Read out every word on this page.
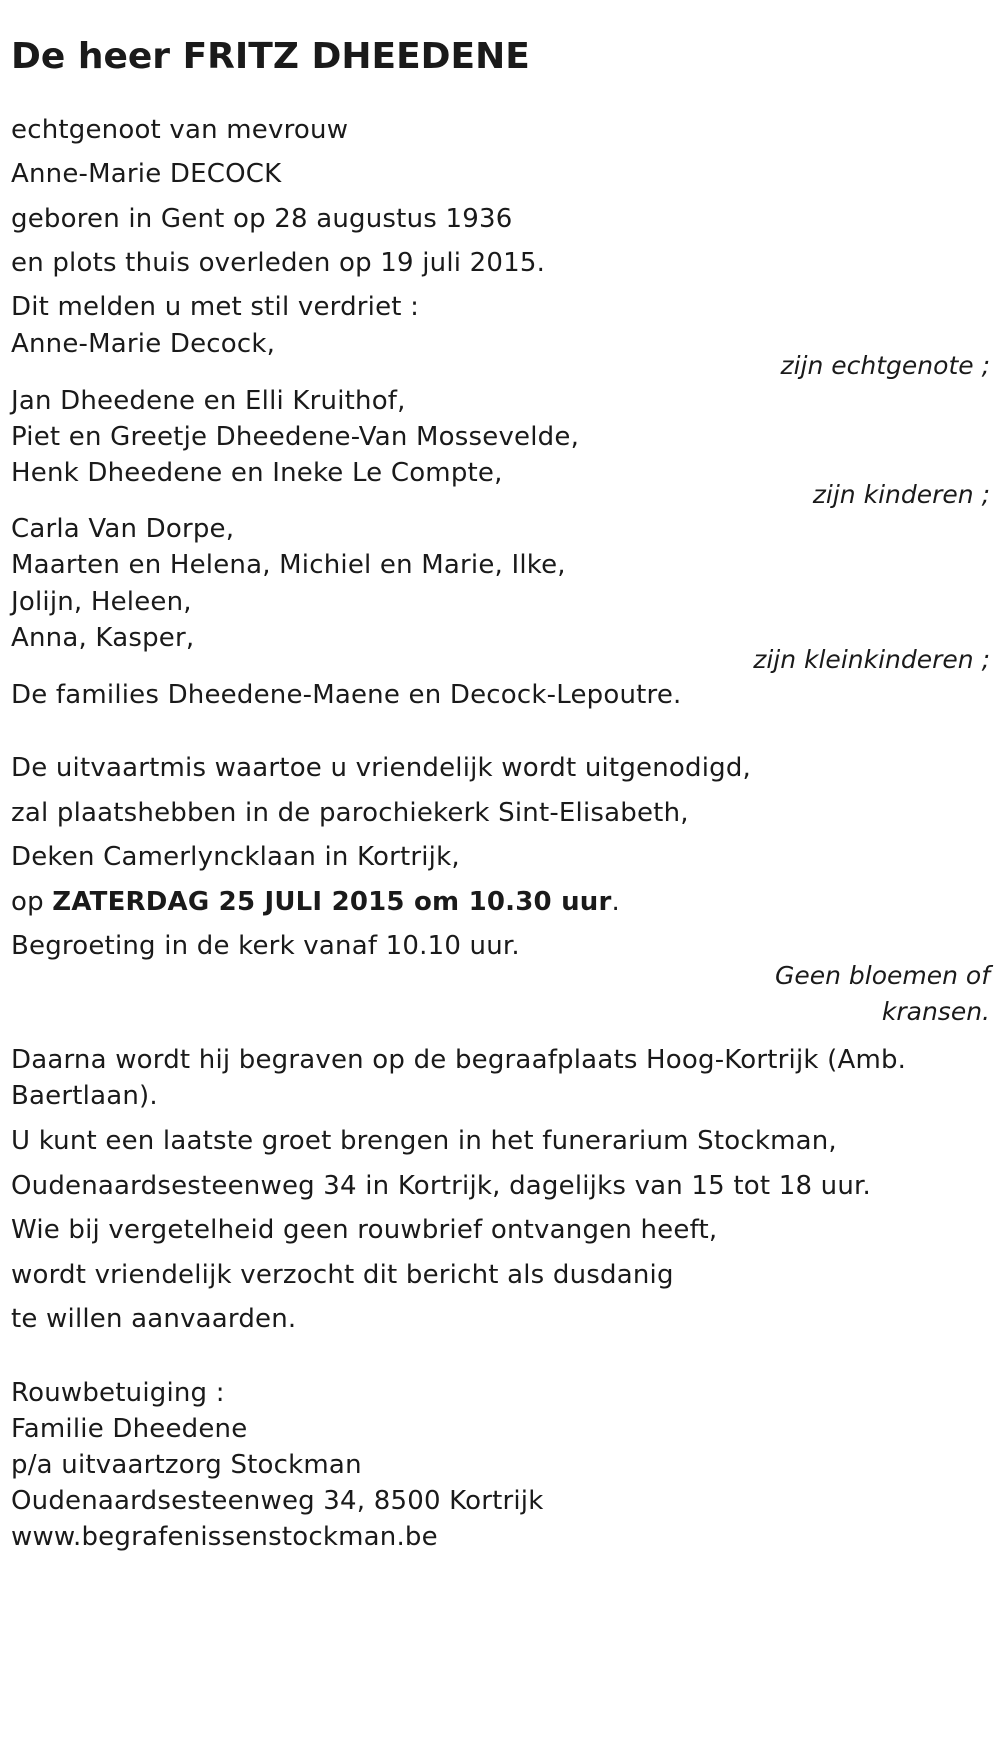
De heer FRITZ DHEEDENE
echtgenoot van mevrouw
Anne-Marie DECOCK
geboren in Gent op 28 augustus 1936
en plots thuis overleden op 19 juli 2015.
Dit melden u met stil verdriet :
Anne-Marie Decock,
zijn echtgenote ;
Jan Dheedene en Elli Kruithof,
Piet en Greetje Dheedene-Van Mossevelde,
Henk Dheedene en Ineke Le Compte,
zijn kinderen ;
Carla Van Dorpe,
Maarten en Helena, Michiel en Marie, Ilke,
Jolijn, Heleen,
Anna, Kasper,
zijn kleinkinderen ;
De families Dheedene-Maene en Decock-Lepoutre.
De uitvaartmis waartoe u vriendelijk wordt uitgenodigd,
zal plaatshebben in de parochiekerk Sint-Elisabeth,
Deken Camerlyncklaan in Kortrijk,
op ZATERDAG 25 JULI 2015 om 10.30 uur.
Begroeting in de kerk vanaf 10.10 uur.
Geen bloemen of
kransen.
Daarna wordt hij begraven op de begraafplaats Hoog-Kortrijk (Amb.
Baertlaan).
U kunt een laatste groet brengen in het funerarium Stockman,
Oudenaardsesteenweg 34 in Kortrijk, dagelijks van 15 tot 18 uur.
Wie bij vergetelheid geen rouwbrief ontvangen heeft,
wordt vriendelijk verzocht dit bericht als dusdanig
te willen aanvaarden.
Rouwbetuiging :
Familie Dheedene
p/a uitvaartzorg Stockman
Oudenaardsesteenweg 34, 8500 Kortrijk
www.begrafenissenstockman.be
